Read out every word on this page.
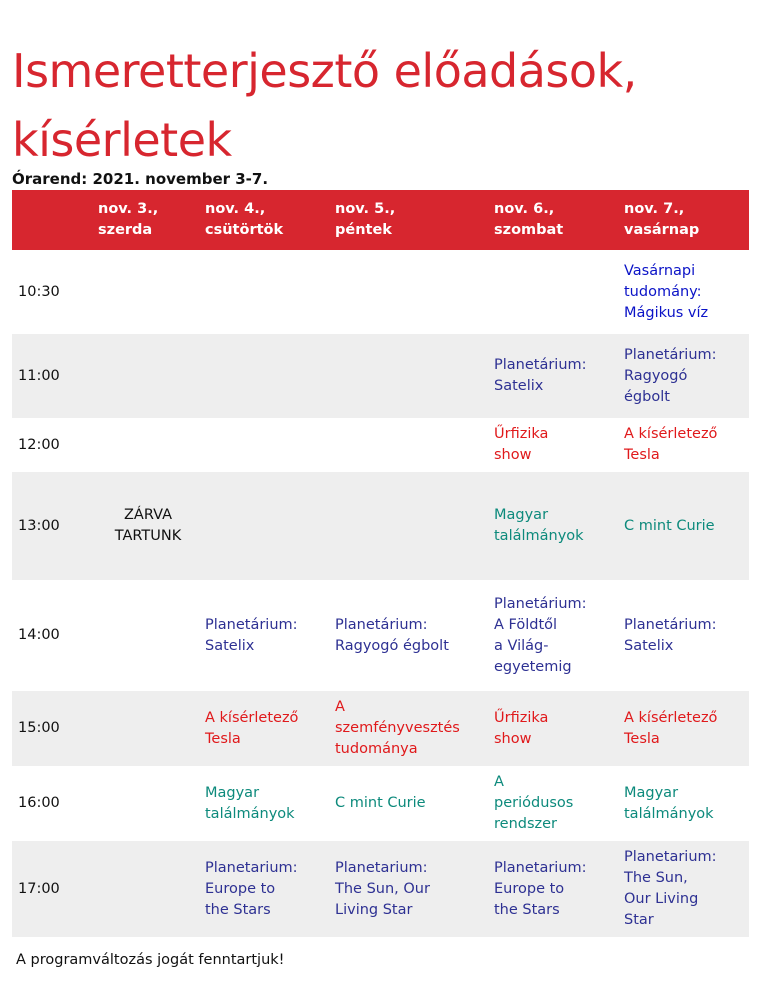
Ismeretterjesztő előadások, kísérletek
Órarend: 2021. november 3-7.
nov. 3.,
szerda
nov. 4.,
csütörtök
nov. 5.,
péntek
nov. 6.,
szombat
nov. 7.,
vasárnap
10:30
Vasárnapi
tudomány:
Mágikus víz
11:00
Planetárium:
Satelix
Planetárium:
Ragyogó
égbolt
12:00
Űrfizika
show
A kísérletező
Tesla
13:00
Magyar
találmányok
C mint Curie
14:00
Planetárium:
Satelix
Planetárium:
Ragyogó égbolt
Planetárium:
A Földtől
a Világ-
egyetemig
Planetárium:
Satelix
15:00
A kísérletező
Tesla
A
szemfényvesztés
tudománya
Űrfizika
show
A kísérletező
Tesla
16:00
Magyar
találmányok
C mint Curie
A
periódusos
rendszer
Magyar
találmányok
17:00
Planetarium:
Europe to
the Stars
Planetarium:
The Sun, Our
Living Star
Planetarium:
Europe to
the Stars
Planetarium:
The Sun,
Our Living
Star
ZÁRVA
TARTUNK
A programváltozás jogát fenntartjuk!
